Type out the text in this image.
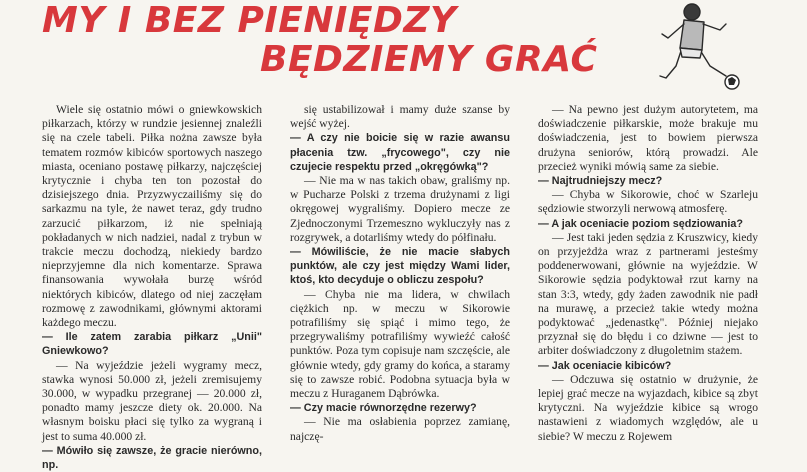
MY I BEZ PIENIĘDZY
BĘDZIEMY GRAĆ

Wiele się ostatnio mówi o gniewkowskich piłkarzach, którzy w rundzie jesiennej znaleźli się na czele tabeli. Piłka nożna zawsze była tematem rozmów kibiców sportowych naszego miasta, oceniano postawę piłkarzy, najczęściej krytycznie i chyba ten ton pozostał do dzisiejszego dnia. Przyzwyczailiśmy się do sarkazmu na tyle, że nawet teraz, gdy trudno zarzucić piłkarzom, iż nie spełniają pokładanych w nich nadziei, nadal z trybun w trakcie meczu dochodzą, niekiedy bardzo nieprzyjemne dla nich komentarze. Sprawa finansowania wywołała burzę wśród niektórych kibiców, dlatego od niej zaczęłam rozmowę z zawodnikami, głównymi aktorami każdego meczu.

— Ile zatem zarabia piłkarz „Unii" Gniewkowo?

— Na wyjeździe jeżeli wygramy mecz, stawka wynosi 50.000 zł, jeżeli zremisujemy 30.000, w wypadku przegranej — 20.000 zł, ponadto mamy jeszcze diety ok. 20.000. Na własnym boisku płaci się tylko za wygraną i jest to suma 40.000 zł.

— Mówiło się zawsze, że gracie nierówno, np.

się ustabilizował i mamy duże szanse by wejść wyżej.

— A czy nie boicie się w razie awansu płacenia tzw. „frycowego", czy nie czujecie respektu przed „okręgówką"?

— Nie ma w nas takich obaw, graliśmy np. w Pucharze Polski z trzema drużynami z ligi okręgowej wygraliśmy. Dopiero mecze ze Zjednoczonymi Trzemeszno wykluczyły nas z rozgrywek, a dotarliśmy wtedy do półfinału.

— Mówiliście, że nie macie słabych punktów, ale czy jest między Wami lider, ktoś, kto decyduje o obliczu zespołu?

— Chyba nie ma lidera, w chwilach ciężkich np. w meczu w Sikorowie potrafiliśmy się spiąć i mimo tego, że przegrywaliśmy potrafiliśmy wywieźć całość punktów. Poza tym copisuje nam szczęście, ale głównie wtedy, gdy gramy do końca, a staramy się to zawsze robić. Podobna sytuacja była w meczu z Huraganem Dąbrówka.

— Czy macie równorzędne rezerwy?

— Nie ma osłabienia poprzez zamianę, najczę-

— Na pewno jest dużym autorytetem, ma doświadczenie piłkarskie, może brakuje mu doświadczenia, jest to bowiem pierwsza drużyna seniorów, którą prowadzi. Ale przecież wyniki mówią same za siebie.

— Najtrudniejszy mecz?

— Chyba w Sikorowie, choć w Szarleju sędziowie stworzyli nerwową atmosferę.

— A jak oceniacie poziom sędziowania?

— Jest taki jeden sędzia z Kruszwicy, kiedy on przyjeżdża wraz z partnerami jesteśmy poddenerwowani, głównie na wyjeździe. W Sikorowie sędzia podyktował rzut karny na stan 3:3, wtedy, gdy żaden zawodnik nie padł na murawę, a przecież takie wtedy można podyktować „jedenastkę". Później niejako przyznał się do błędu i co dziwne — jest to arbiter doświadczony z długoletnim stażem.

— Jak oceniacie kibiców?

— Odczuwa się ostatnio w drużynie, że lepiej grać mecze na wyjazdach, kibice są zbyt krytyczni. Na wyjeździe kibice są wrogo nastawieni z wiadomych względów, ale u siebie? W meczu z Rojewem
